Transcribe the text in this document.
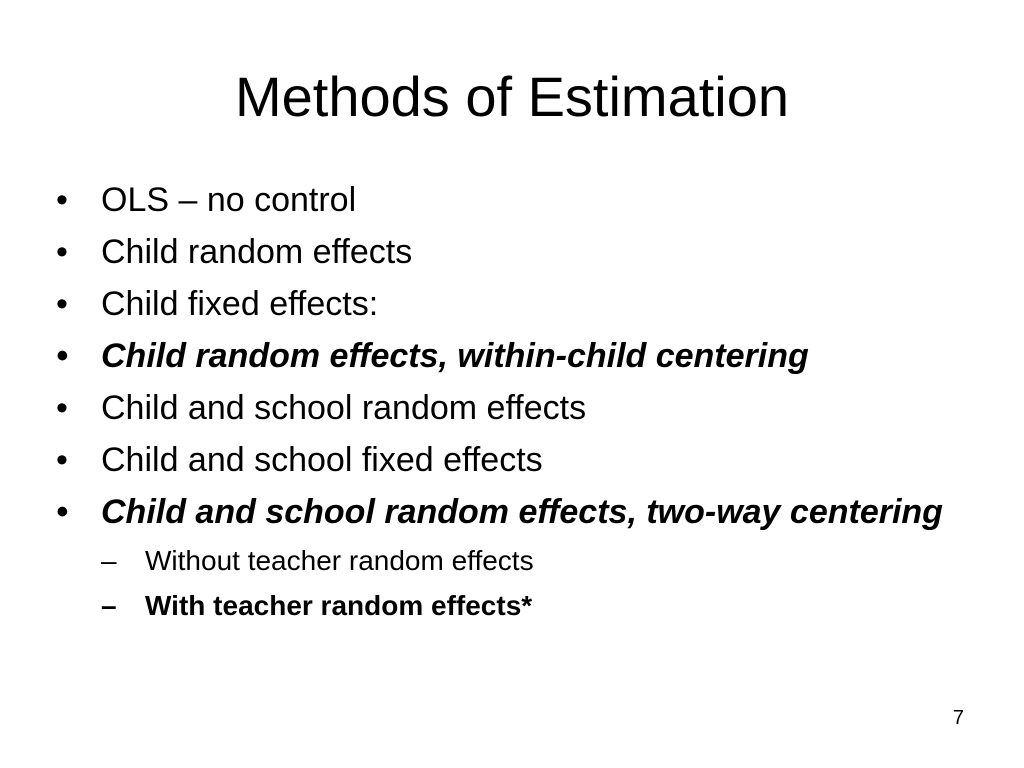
Methods of Estimation
• OLS – no control
• Child random effects
• Child fixed effects:
• Child random effects, within-child centering
• Child and school random effects
• Child and school fixed effects
• Child and school random effects, two-way centering
–	Without teacher random effects
–	With teacher random effects*
7
